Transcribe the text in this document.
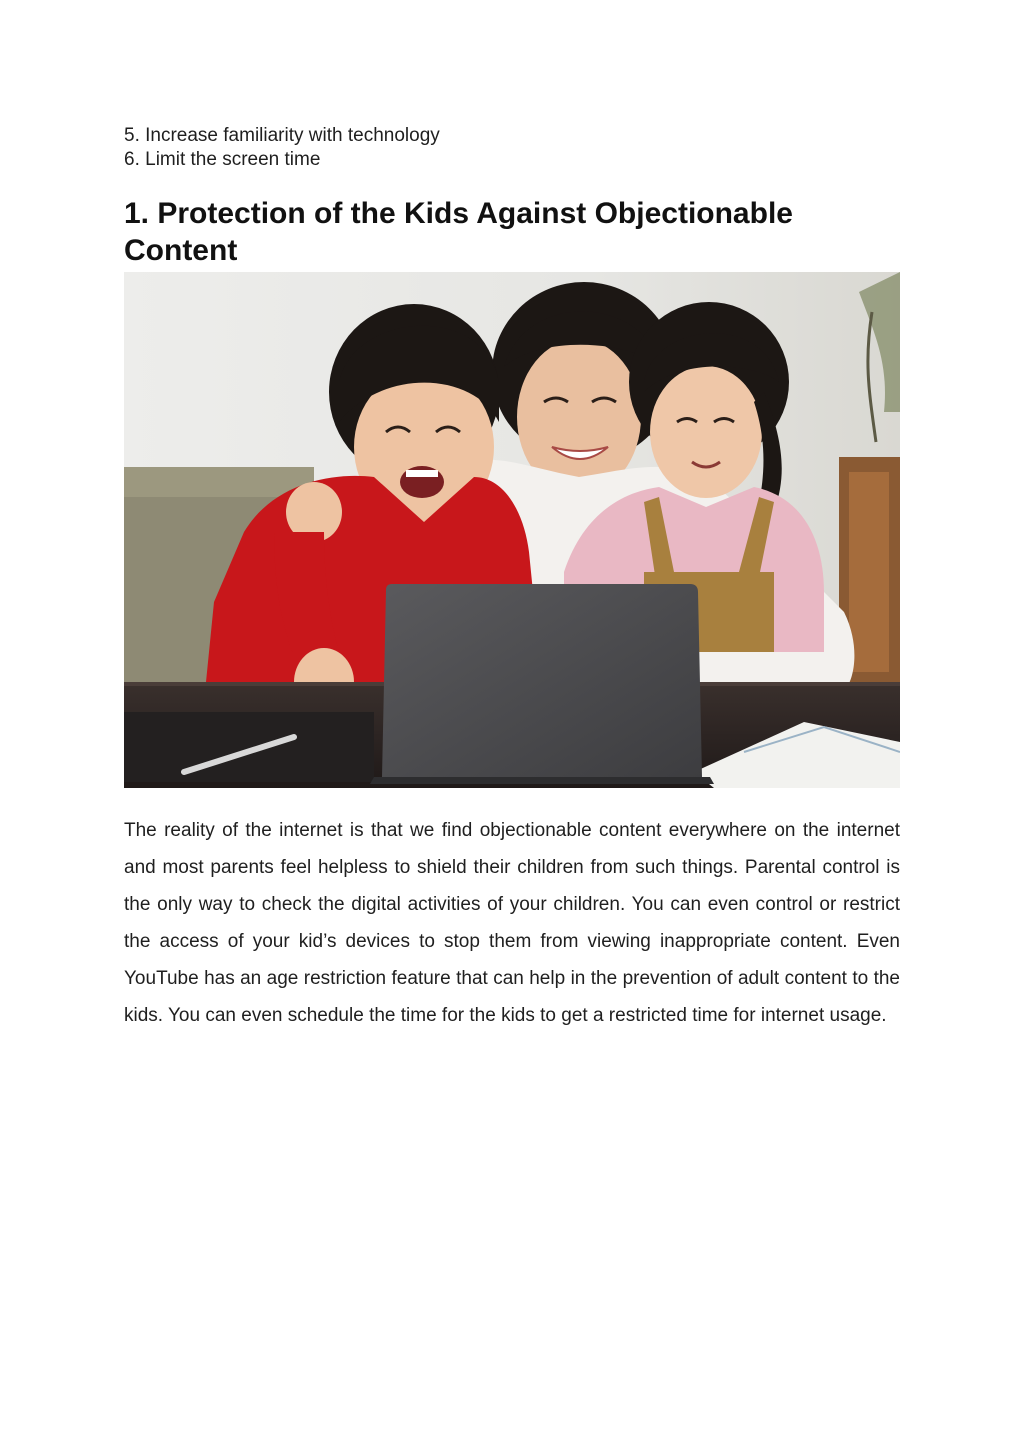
5. Increase familiarity with technology
6. Limit the screen time
1. Protection of the Kids Against Objectionable Content

The reality of the internet is that we find objectionable content everywhere on the internet and most parents feel helpless to shield their children from such things. Parental control is the only way to check the digital activities of your children. You can even control or restrict the access of your kid’s devices to stop them from viewing inappropriate content. Even YouTube has an age restriction feature that can help in the prevention of adult content to the kids. You can even schedule the time for the kids to get a restricted time for internet usage.
